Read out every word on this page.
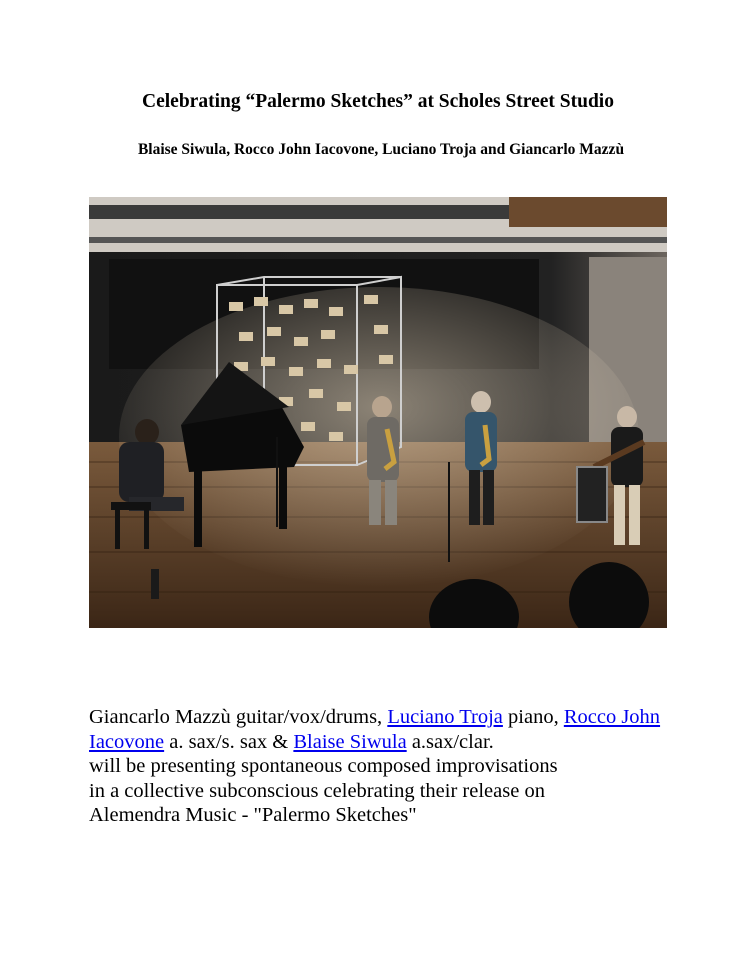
Celebrating “Palermo Sketches” at Scholes Street Studio
Blaise Siwula, Rocco John Iacovone, Luciano Troja and Giancarlo Mazzù

Giancarlo Mazzù guitar/vox/drums, Luciano Troja piano, Rocco John Iacovone a. sax/s. sax & Blaise Siwula a.sax/clar.
will be presenting spontaneous composed improvisations
in a collective subconscious celebrating their release on
Alemendra Music - "Palermo Sketches"
